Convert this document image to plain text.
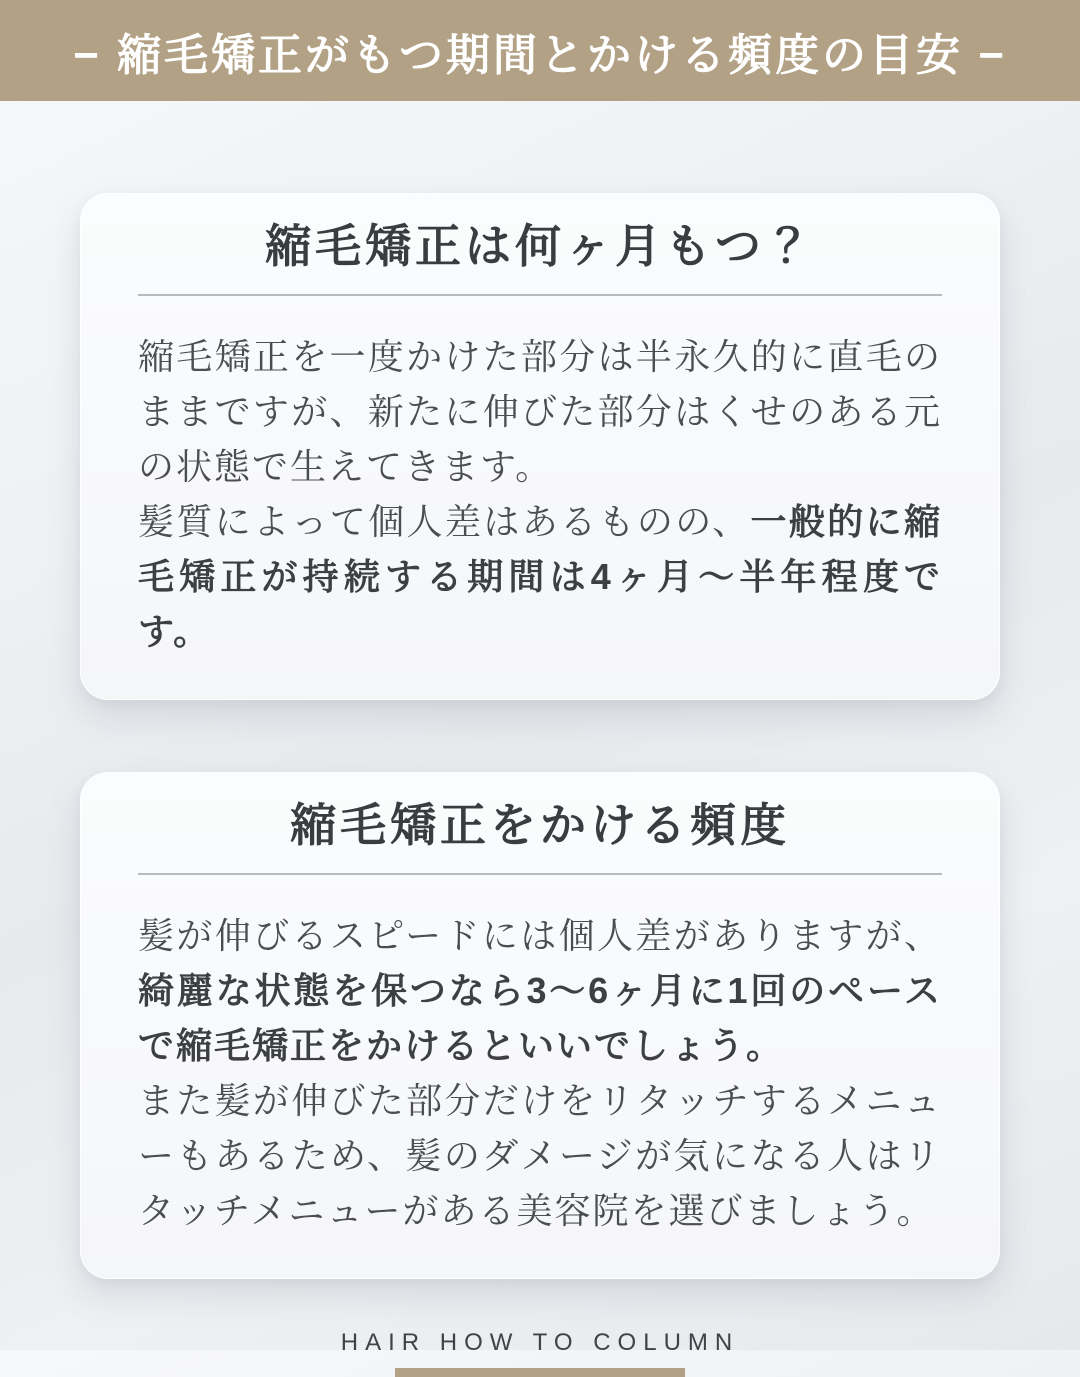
− 縮毛矯正がもつ期間とかける頻度の目安 −
縮毛矯正は何ヶ月もつ？

縮毛矯正を一度かけた部分は半永久的に直毛のままですが、新たに伸びた部分はくせのある元の状態で生えてきます。

髪質によって個人差はあるものの、一般的に縮毛矯正が持続する期間は4ヶ月〜半年程度です。

縮毛矯正をかける頻度

髪が伸びるスピードには個人差がありますが、綺麗な状態を保つなら3〜6ヶ月に1回のペースで縮毛矯正をかけるといいでしょう。

また髪が伸びた部分だけをリタッチするメニューもあるため、髪のダメージが気になる人はリタッチメニューがある美容院を選びましょう。

HAIR HOW TO COLUMN
